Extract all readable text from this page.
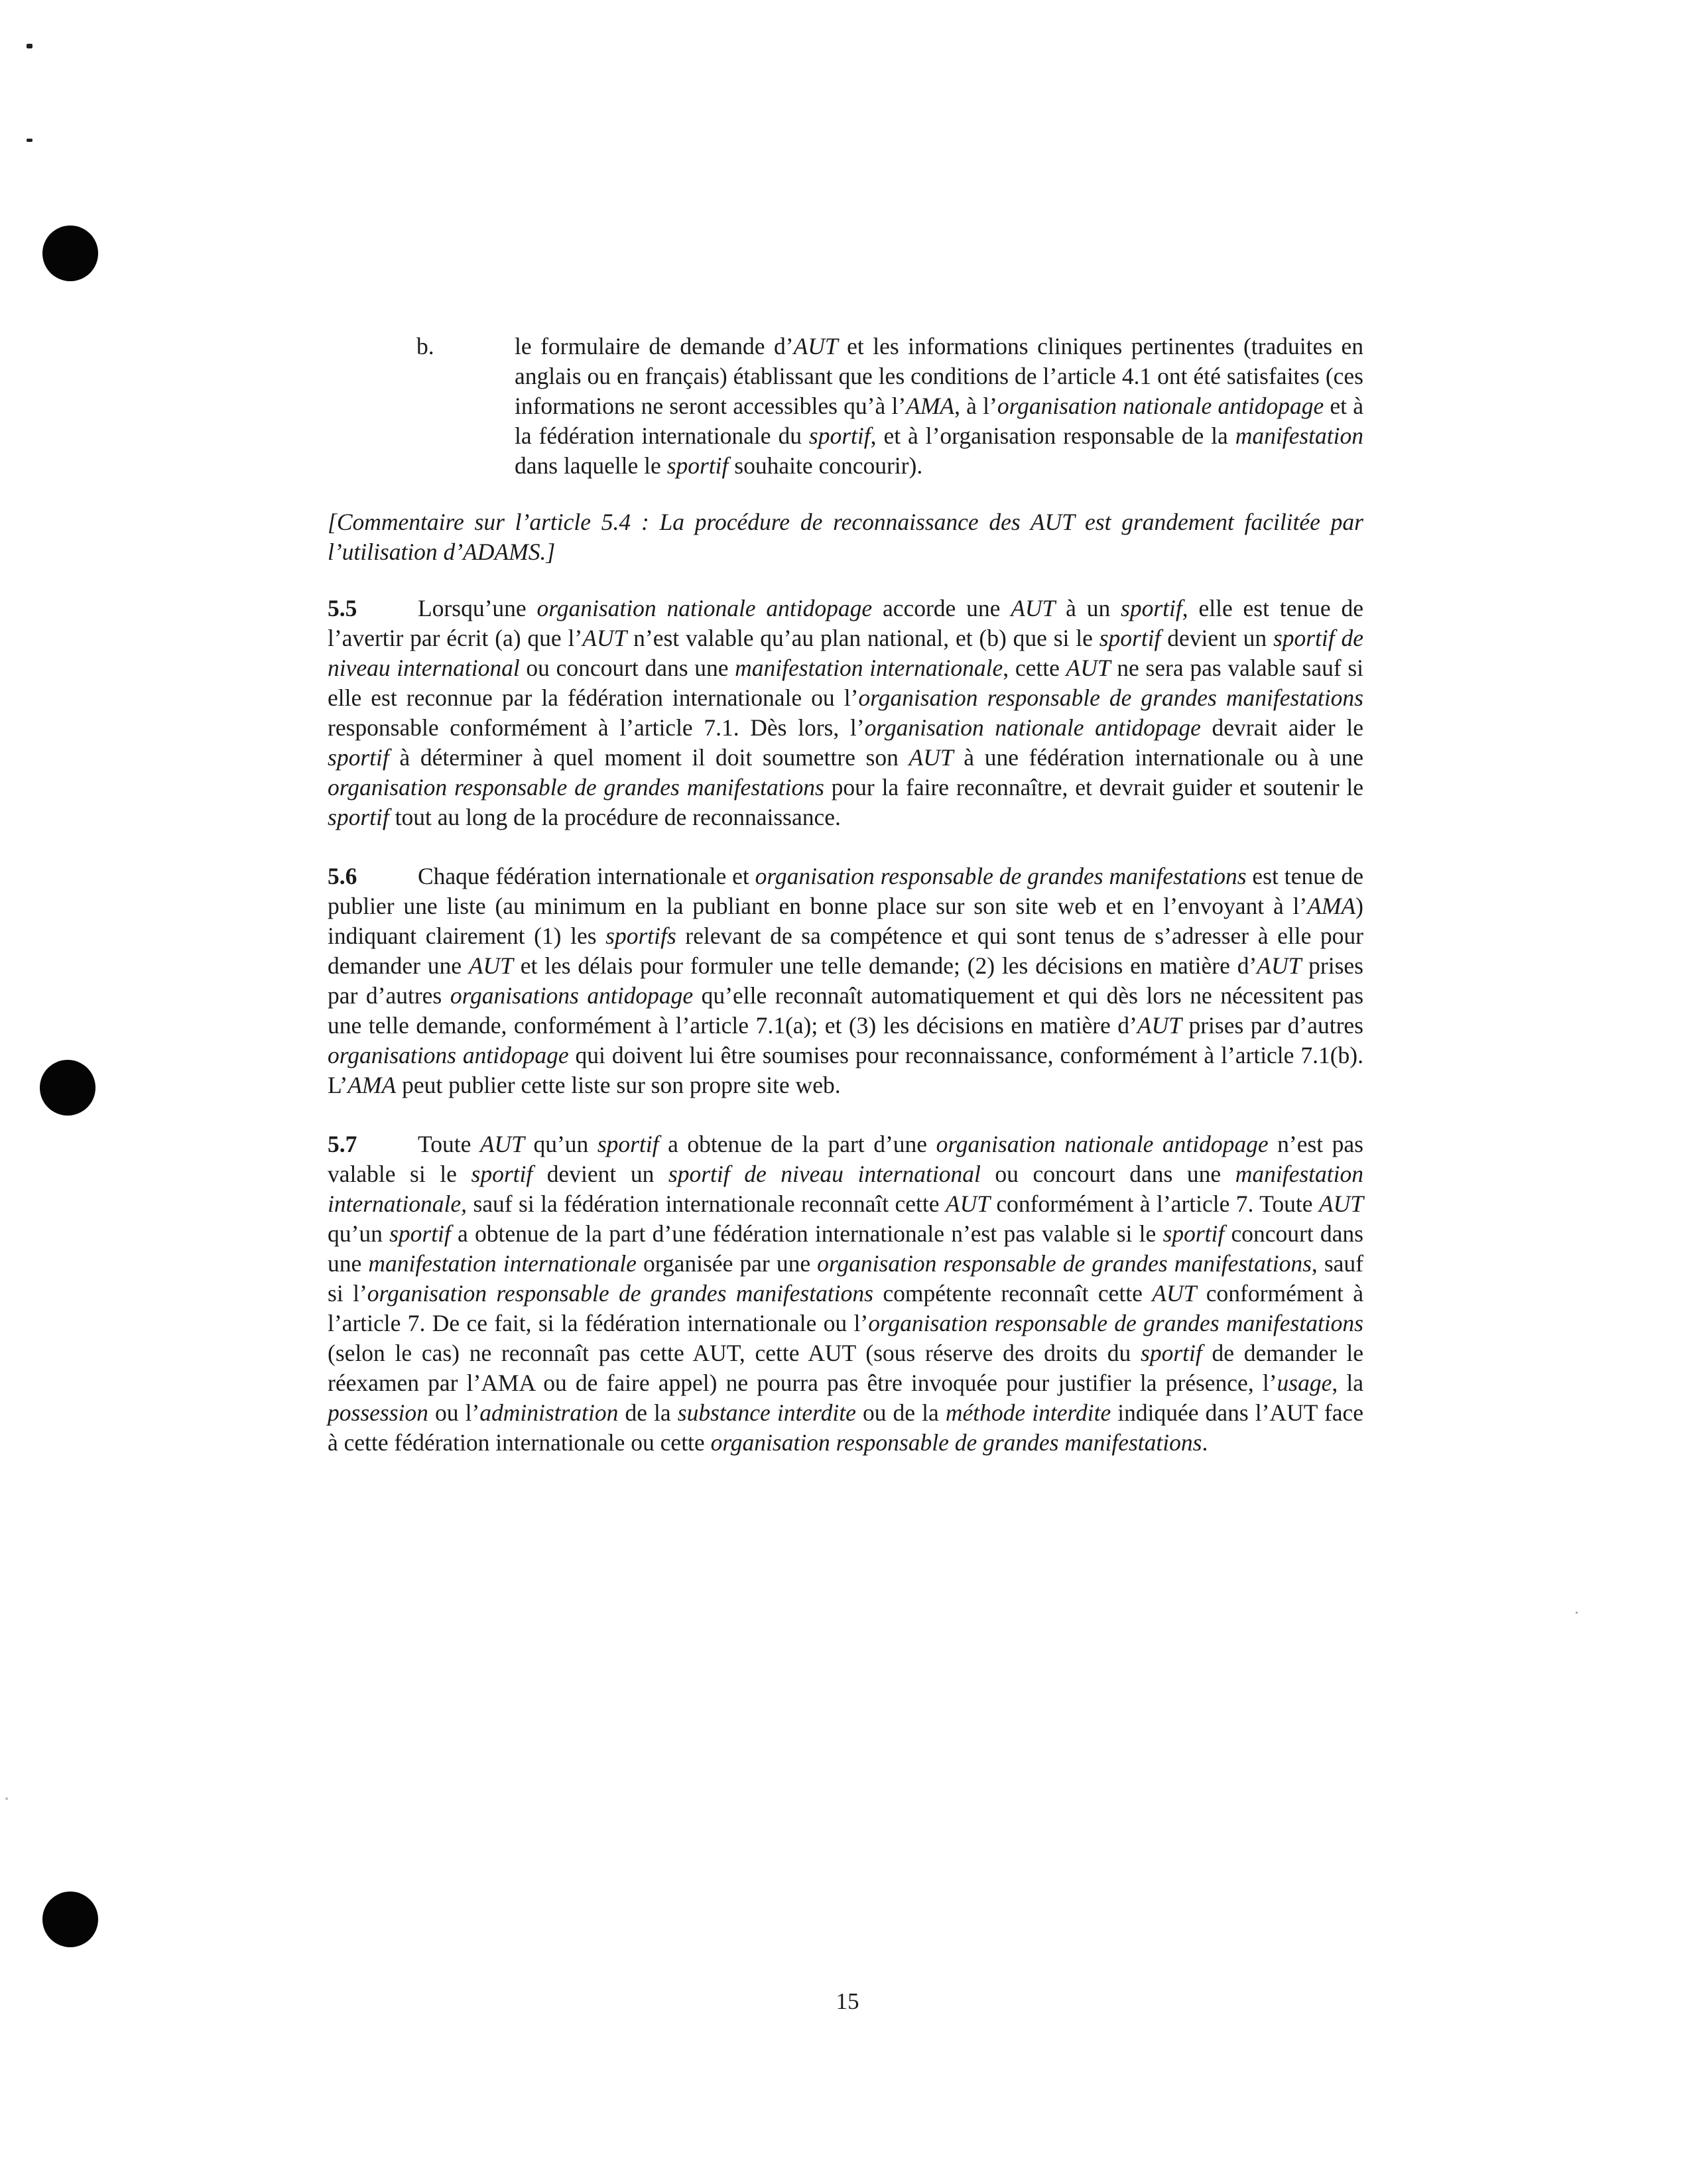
b.	le formulaire de demande d’AUT et les informations cliniques pertinentes (traduites en anglais ou en français) établissant que les conditions de l’article 4.1 ont été satisfaites (ces informations ne seront accessibles qu’à l’AMA, à l’organisation nationale antidopage et à la fédération internationale du sportif, et à l’organisation responsable de la manifestation dans laquelle le sportif souhaite concourir).

[Commentaire sur l’article 5.4 : La procédure de reconnaissance des AUT est grandement facilitée par l’utilisation d’ADAMS.]

5.5	Lorsqu’une organisation nationale antidopage accorde une AUT à un sportif, elle est tenue de l’avertir par écrit (a) que l’AUT n’est valable qu’au plan national, et (b) que si le sportif devient un sportif de niveau international ou concourt dans une manifestation internationale, cette AUT ne sera pas valable sauf si elle est reconnue par la fédération internationale ou l’organisation responsable de grandes manifestations responsable conformément à l’article 7.1. Dès lors, l’organisation nationale antidopage devrait aider le sportif à déterminer à quel moment il doit soumettre son AUT à une fédération internationale ou à une organisation responsable de grandes manifestations pour la faire reconnaître, et devrait guider et soutenir le sportif tout au long de la procédure de reconnaissance.

5.6	Chaque fédération internationale et organisation responsable de grandes manifestations est tenue de publier une liste (au minimum en la publiant en bonne place sur son site web et en l’envoyant à l’AMA) indiquant clairement (1) les sportifs relevant de sa compétence et qui sont tenus de s’adresser à elle pour demander une AUT et les délais pour formuler une telle demande; (2) les décisions en matière d’AUT prises par d’autres organisations antidopage qu’elle reconnaît automatiquement et qui dès lors ne nécessitent pas une telle demande, conformément à l’article 7.1(a); et (3) les décisions en matière d’AUT prises par d’autres organisations antidopage qui doivent lui être soumises pour reconnaissance, conformément à l’article 7.1(b). L’AMA peut publier cette liste sur son propre site web.

5.7	Toute AUT qu’un sportif a obtenue de la part d’une organisation nationale antidopage n’est pas valable si le sportif devient un sportif de niveau international ou concourt dans une manifestation internationale, sauf si la fédération internationale reconnaît cette AUT conformément à l’article 7. Toute AUT qu’un sportif a obtenue de la part d’une fédération internationale n’est pas valable si le sportif concourt dans une manifestation internationale organisée par une organisation responsable de grandes manifestations, sauf si l’organisation responsable de grandes manifestations compétente reconnaît cette AUT conformément à l’article 7. De ce fait, si la fédération internationale ou l’organisation responsable de grandes manifestations (selon le cas) ne reconnaît pas cette AUT, cette AUT (sous réserve des droits du sportif de demander le réexamen par l’AMA ou de faire appel) ne pourra pas être invoquée pour justifier la présence, l’usage, la possession ou l’administration de la substance interdite ou de la méthode interdite indiquée dans l’AUT face à cette fédération internationale ou cette organisation responsable de grandes manifestations.

15
